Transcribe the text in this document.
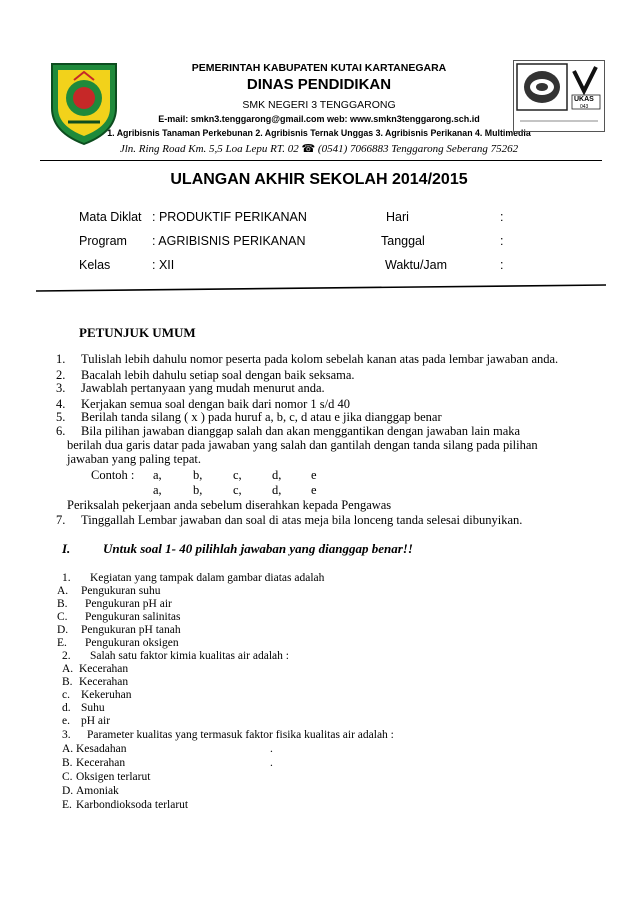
PEMERINTAH KABUPATEN KUTAI KARTANEGARA
DINAS PENDIDIKAN
SMK NEGERI 3 TENGGARONG
E-mail: smkn3.tenggarong@gmail.com web: www.smkn3tenggarong.sch.id
1. Agribisnis Tanaman Perkebunan 2. Agribisnis Ternak Unggas 3. Agribisnis Perikanan 4. Multimedia
Jln. Ring Road Km. 5,5 Loa Lepu RT. 02 ☎ (0541) 7066883 Tenggarong Seberang 75262
UKAS
043
ULANGAN AKHIR SEKOLAH 2014/2015
Mata Diklat : PRODUKTIF PERIKANAN	Hari	:
Program : AGRIBISNIS PERIKANAN	Tanggal	:
Kelas	: XII	Waktu/Jam	:
PETUNJUK UMUM
1. Tulislah lebih dahulu nomor peserta pada kolom sebelah kanan atas pada lembar jawaban anda.
2. Bacalah lebih dahulu setiap soal dengan baik seksama.
3. Jawablah pertanyaan yang mudah menurut anda.
4. Kerjakan semua soal dengan baik dari nomor 1 s/d 40
5. Berilah tanda silang ( x ) pada huruf a, b, c, d atau e jika dianggap benar
6. Bila pilihan jawaban dianggap salah dan akan menggantikan dengan jawaban lain maka
berilah dua garis datar pada jawaban yang salah dan gantilah dengan tanda silang pada pilihan
jawaban yang paling tepat.
Contoh : a,	b, c, d, e
a,	b, c, d, e
Periksalah pekerjaan anda sebelum diserahkan kepada Pengawas
7. Tinggallah Lembar jawaban dan soal di atas meja bila lonceng tanda selesai dibunyikan.
I.	Untuk soal 1- 40 pilihlah jawaban yang dianggap benar!!
1. Kegiatan yang tampak dalam gambar diatas adalah
A. Pengukuran suhu
B. Pengukuran pH air
C. Pengukuran salinitas
D. Pengukuran pH tanah
E. Pengukuran oksigen
2. Salah satu faktor kimia kualitas air adalah :
A. Kecerahan
B. Kecerahan
c. Kekeruhan
d. Suhu
e. pH air
3. Parameter kualitas yang termasuk faktor fisika kualitas air adalah :
A. Kesadahan	.
B. Kecerahan	.
C. Oksigen terlarut
D. Amoniak
E. Karbondioksoda terlarut
